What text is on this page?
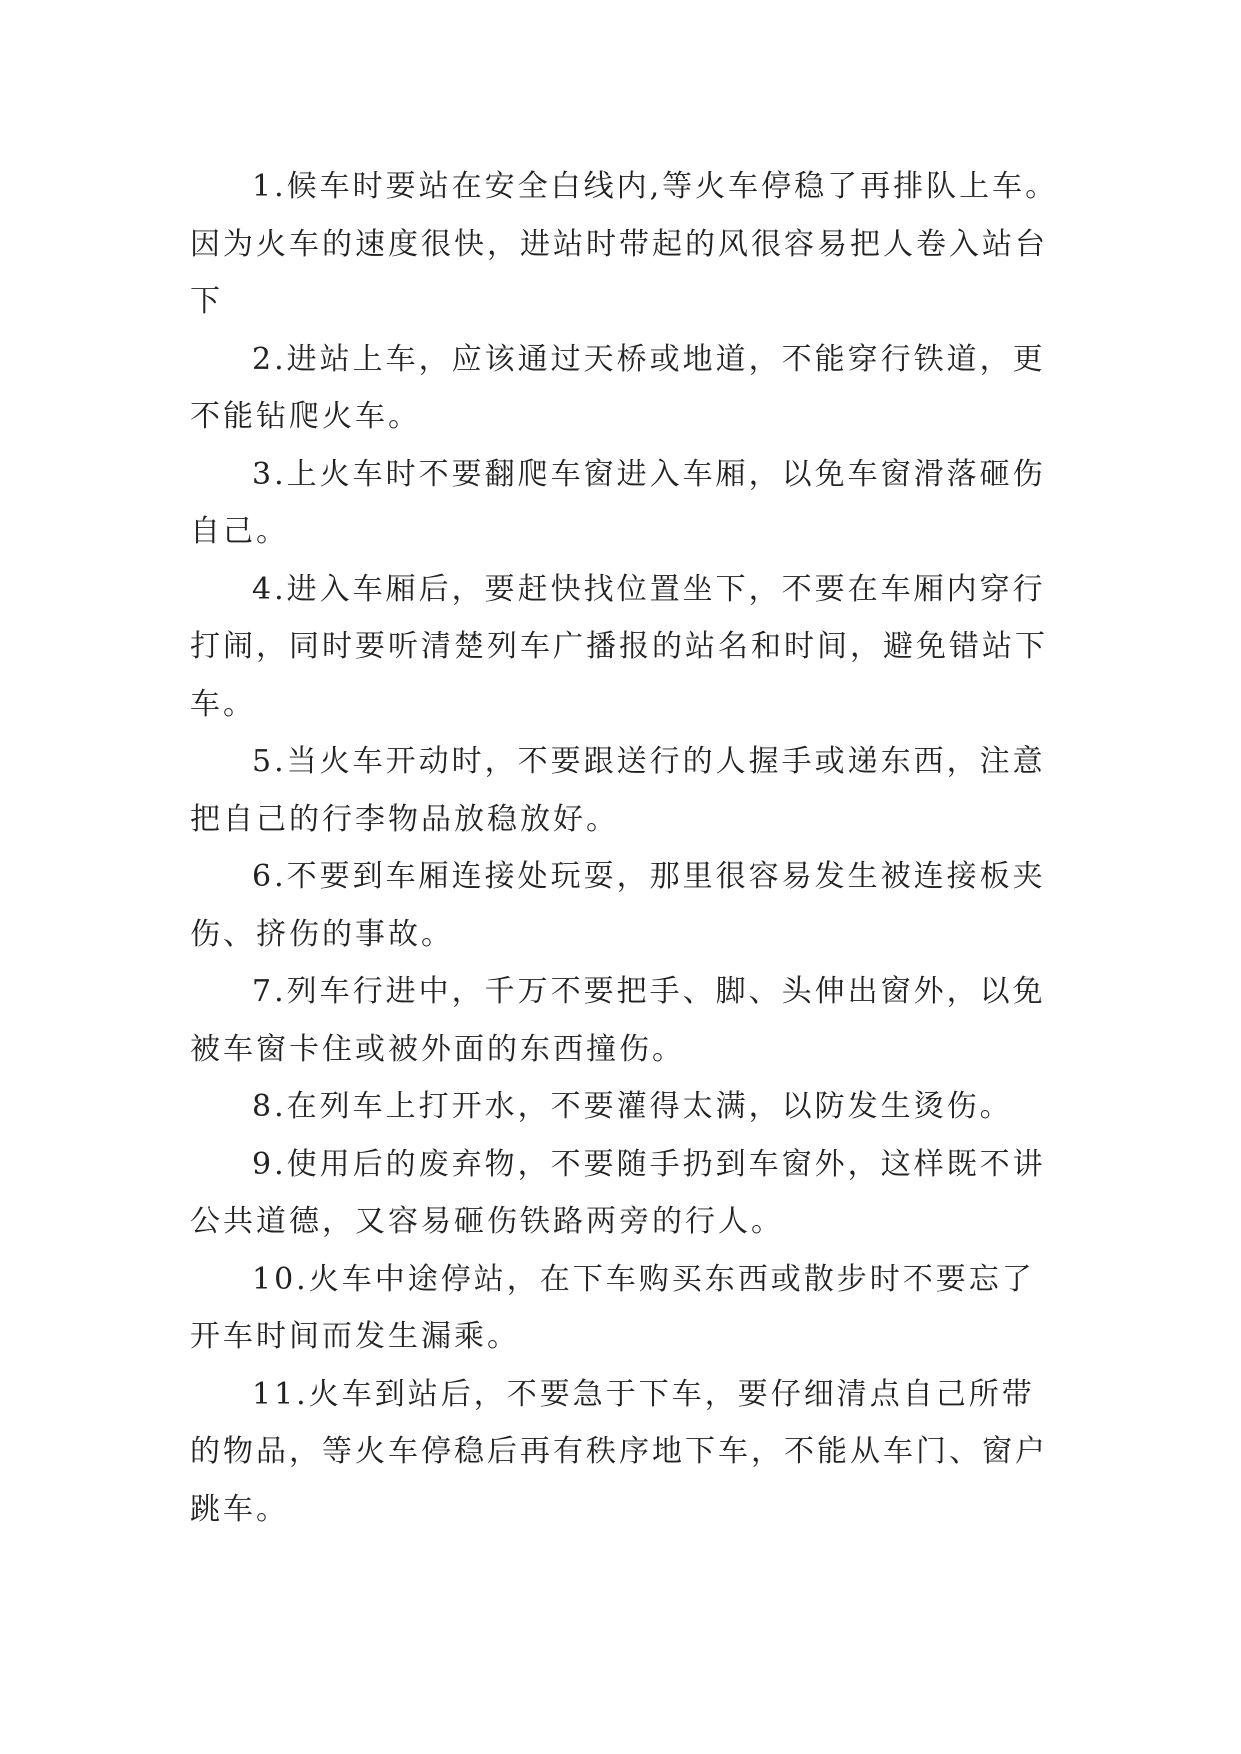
1.候车时要站在安全白线内,等火车停稳了再排队上车。
因为火车的速度很快，进站时带起的风很容易把人卷入站台
下

2.进站上车，应该通过天桥或地道，不能穿行铁道，更
不能钻爬火车。

3.上火车时不要翻爬车窗进入车厢，以免车窗滑落砸伤
自己。

4.进入车厢后，要赶快找位置坐下，不要在车厢内穿行
打闹，同时要听清楚列车广播报的站名和时间，避免错站下
车。

5.当火车开动时，不要跟送行的人握手或递东西，注意
把自己的行李物品放稳放好。

6.不要到车厢连接处玩耍，那里很容易发生被连接板夹
伤、挤伤的事故。

7.列车行进中，千万不要把手、脚、头伸出窗外，以免
被车窗卡住或被外面的东西撞伤。

8.在列车上打开水，不要灌得太满，以防发生烫伤。

9.使用后的废弃物，不要随手扔到车窗外，这样既不讲
公共道德，又容易砸伤铁路两旁的行人。

10.火车中途停站，在下车购买东西或散步时不要忘了
开车时间而发生漏乘。

11.火车到站后，不要急于下车，要仔细清点自己所带
的物品，等火车停稳后再有秩序地下车，不能从车门、窗户
跳车。
